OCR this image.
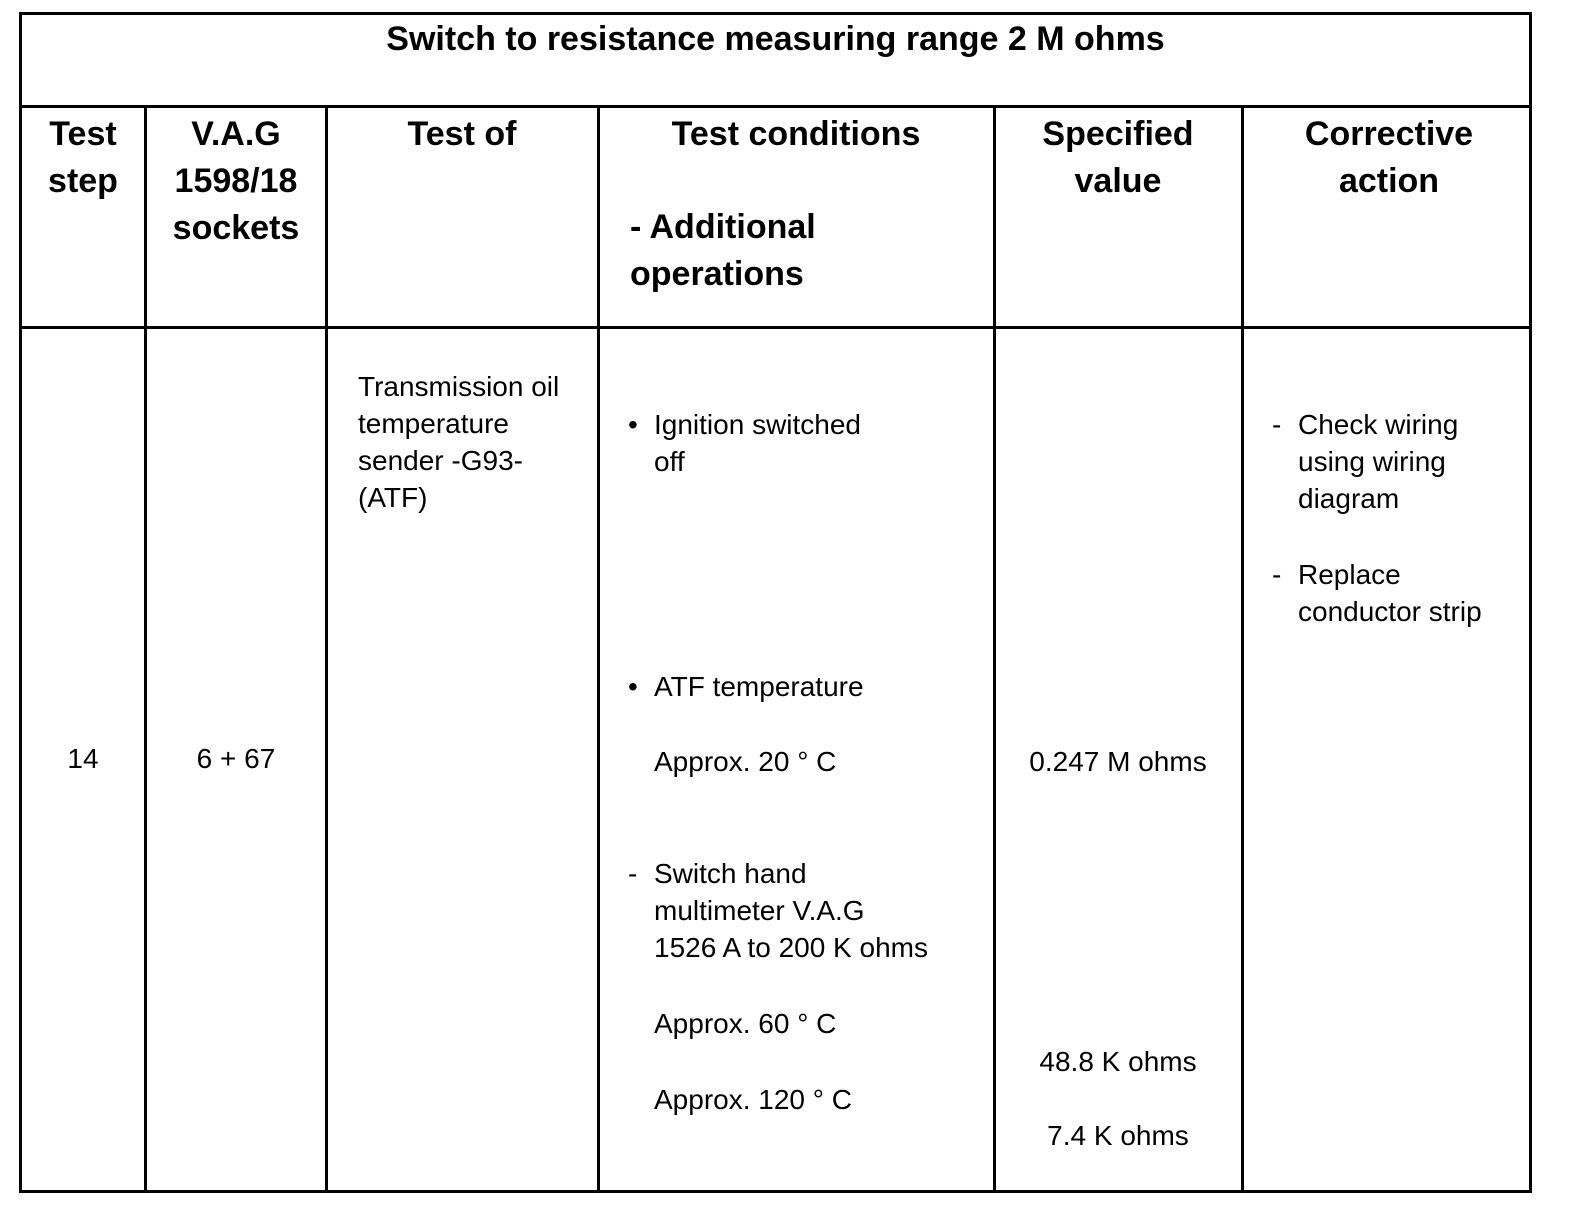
Switch to resistance measuring range 2 M ohms
Test step
V.A.G 1598/18 sockets
Test of	Test conditions
- Additional operations
Specified value
Corrective action
14	6 + 67
Transmission oil temperature sender -G93- (ATF)
• Ignition switched
off
• ATF temperature
Approx. 20 ° C
- Switch hand
multimeter V.A.G
1526 A to 200 K ohms
Approx. 60 ° C
Approx. 120 ° C
0.247 M ohms
48.8 K ohms
7.4 K ohms
- Check wiring
using wiring
diagram
- Replace
conductor strip
